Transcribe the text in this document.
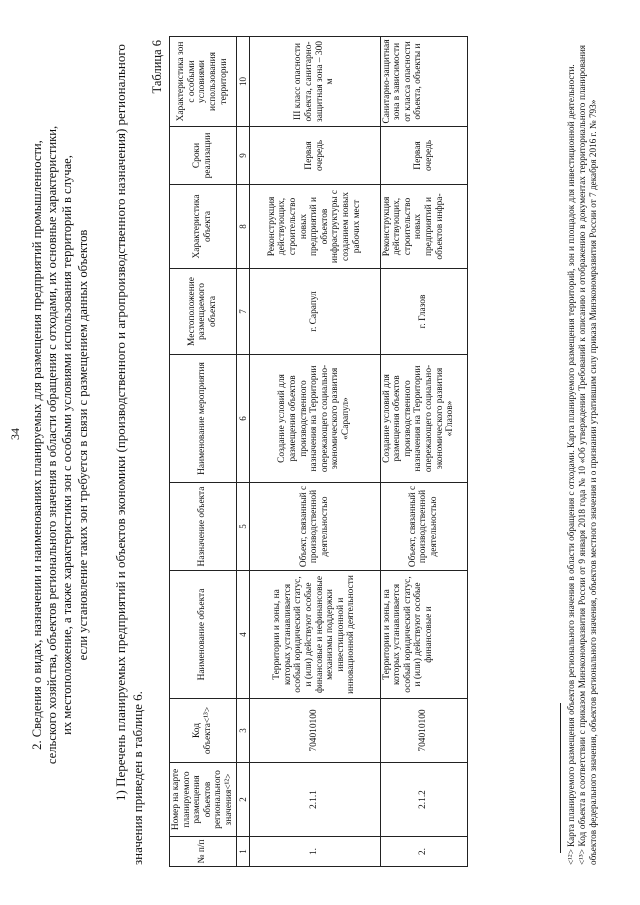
34 2. Сведения о видах, назначении и наименованиях планируемых для размещения предприятий промышленности, сельского хозяйства, объектов регионального значения в области обращения с отходами, их основные характеристики, их местоположение, а также характеристики зон с особыми условиями использования территорий в случае, если установление таких зон требуется в связи с размещением данных объектов 1) Перечень планируемых предприятий и объектов экономики (производственного и агропроизводственного назначения) регионального значения приведен в таблице 6.
Таблица 6
№ п/п	Номер на карте планируемого размещения объектов регионального значения<¹²>	Код объекта<¹³>	Наименование объекта	Назначение объекта	Наименование мероприятия	Местоположение размещаемого объекта	Характеристика объекта	Сроки реализации	Характеристика зон с особыми условиями использования территории
1	2	3	4	5	6	7	8	9	10
1.	2.1.1	704010100	Территории и зоны, на которых устанавливается особый юридический статус, и (или) действуют особые финансовые и нефинансовые механизмы поддержки инвестиционной и инновационной деятельности	Объект, связанный с производственной деятельностью	Создание условий для размещения объектов производственного назначения на Территории опережающего социально-экономического развития «Сарапул»	г. Сарапул	Реконструкция действующих, строительство новых предприятий и объектов инфраструктуры с созданием новых рабочих мест	Первая очередь	III класс опасности объекта, санитарно-защитная зона – 300 м
2.	2.1.2	704010100	Территории и зоны, на которых устанавливается особый юридический статус, и (или) действуют особые финансовые и	Объект, связанный с производственной деятельностью	Создание условий для размещения объектов производственного назначения на Территории опережающего социально-экономического развития «Глазов»	г. Глазов	Реконструкция действующих, строительство новых предприятий и объектов инфра-	Первая очередь	Санитарно-защитная зона в зависимости от класса опасности объекта, объекты и	<¹²> Карта планируемого размещения объектов регионального значения в области обращения с отходами. Карта планируемого размещения территорий, зон и площадок для инвестиционной деятельности. <¹³> Код объекта в соответствии с приказом Минэкономразвития России от 9 января 2018 года № 10 «Об утверждении Требований к описанию и отображению в документах территориального планирования объектов федерального значения, объектов регионального значения, объектов местного значения и о признании утратившим силу приказа Минэкономразвития России от 7 декабря 2016 г. № 793»
